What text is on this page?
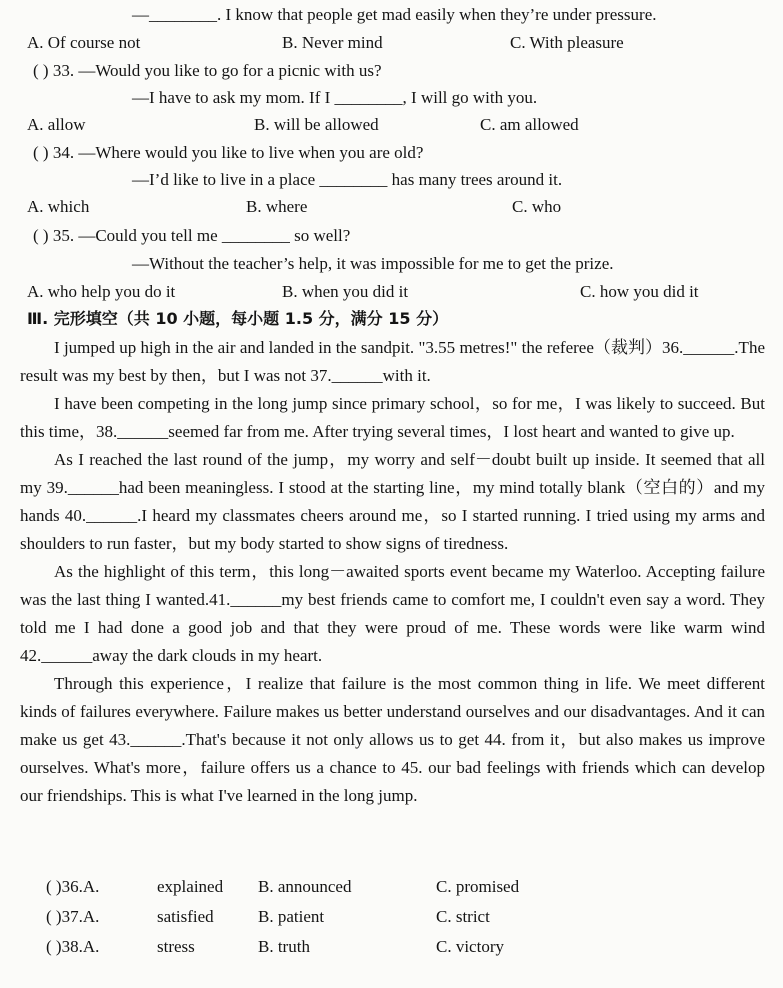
—________. I know that people get mad easily when they’re under pressure.
A. Of course not	B. Never mind	C. With pleasure
( ) 33. —Would you like to go for a picnic with us?
—I have to ask my mom. If I ________, I will go with you.
A. allow	B. will be allowed	C. am allowed
( ) 34. —Where would you like to live when you are old?
—I’d like to live in a place ________ has many trees around it.
A. which	B. where	C. who
( ) 35. —Could you tell me ________ so well?
—Without the teacher’s help, it was impossible for me to get the prize.
A. who help you do it	B. when you did it	C. how you did it
Ⅲ. 完形填空（共 10 小题，每小题 1.5 分，满分 15 分）

I jumped up high in the air and landed in the sandpit. "3.55 metres!" the referee（裁判）36.______.The result was my best by then，but I was not 37.______with it.

I have been competing in the long jump since primary school，so for me，I was likely to succeed. But this time，38.______seemed far from me. After trying several times，I lost heart and wanted to give up.

As I reached the last round of the jump，my worry and self－doubt built up inside. It seemed that all my 39.______had been meaningless. I stood at the starting line，my mind totally blank（空白的）and my hands 40.______.I heard my classmates cheers around me，so I started running. I tried using my arms and shoulders to run faster，but my body started to show signs of tiredness.

As the highlight of this term，this long－awaited sports event became my Waterloo. Accepting failure was the last thing I wanted.41.______my best friends came to comfort me, I couldn't even say a word. They told me I had done a good job and that they were proud of me. These words were like warm wind 42.______away the dark clouds in my heart.

Through this experience，I realize that failure is the most common thing in life. We meet different kinds of failures everywhere. Failure makes us better understand ourselves and our disadvantages. And it can make us get 43.______.That's because it not only allows us to get 44. from it，but also makes us improve ourselves. What's more，failure offers us a chance to 45. our bad feelings with friends which can develop our friendships. This is what I've learned in the long jump.

( )36.A.	explained B. announced	C. promised
( )37.A.	satisfied	B. patient	C. strict
( )38.A.	stress	B. truth	C. victory
